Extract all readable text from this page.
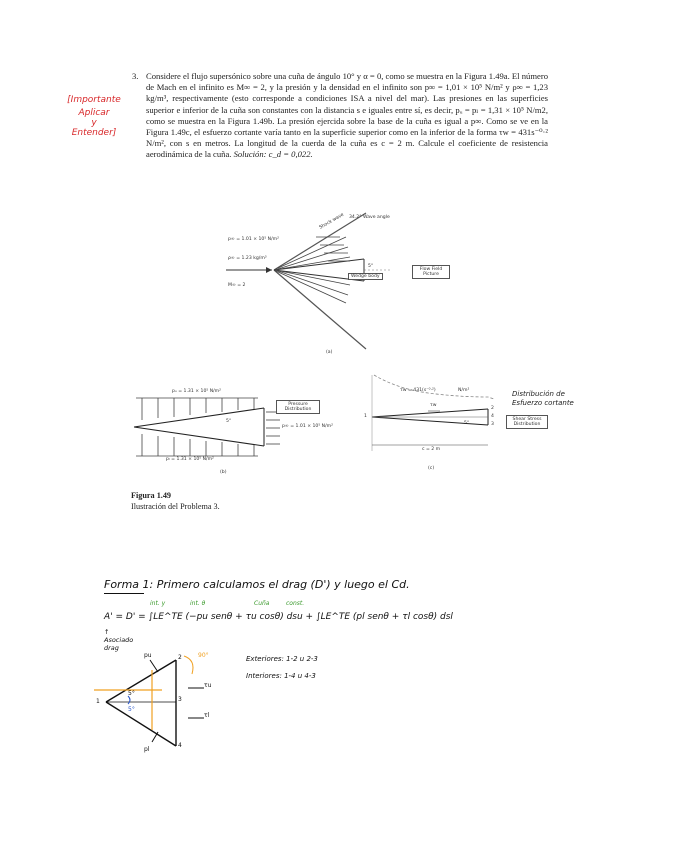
3. Considere el flujo supersónico sobre una cuña de ángulo 10° y α = 0, como se muestra en la Figura 1.49a. El número de Mach en el infinito es M∞ = 2, y la presión y la densidad en el infinito son p∞ = 1,01 × 10⁵ N/m² y ρ∞ = 1,23 kg/m³, respectivamente (esto corresponde a condiciones ISA a nivel del mar). Las presiones en las superficies superior e inferior de la cuña son constantes con la distancia s e iguales entre sí, es decir, pᵤ = pₗ = 1,31 × 10⁵ N/m2, como se muestra en la Figura 1.49b. La presión ejercida sobre la base de la cuña es igual a p∞. Como se ve en la Figura 1.49c, el esfuerzo cortante varía tanto en la superficie superior como en la inferior de la forma τw = 431s⁻⁰·² N/m², con s en metros. La longitud de la cuerda de la cuña es c = 2 m. Calcule el coeficiente de resistencia aerodinámica de la cuña. Solución: c_d = 0,022.
[Importante
Aplicar
y
Entender]
34.2° Wave angle
Shock wave
p∞ = 1.01 × 10⁵ N/m²
ρ∞ = 1.23 kg/m³
M∞ = 2
5°
Wedge body
Flow Field
Picture
(a)
pᵤ = 1.31 × 10⁵ N/m²
pₗ = 1.31 × 10⁵ N/m²
p∞ = 1.01 × 10⁵ N/m²
5°
Pressure
Distribution
(b)
τw = 431(s⁻⁰·²)	N/m²
τw
5°
c = 2 m
1
2
3
4
Shear Stress
Distribution
(c)
Distribución de
Esfuerzo cortante
Figura 1.49
Ilustración del Problema 3.
Forma 1: Primero calculamos el drag (D') y luego el Cd.
int. y	int. θ	Cuña	const.
A' = D' = ∫LE^TE (−pu senθ + τu cosθ) dsu + ∫LE^TE (pl senθ + τl cosθ) dsl
↑
Asociado
drag
5°
5°
90°
pu
pl
τu
τl
1
2
3
4
Exteriores: 1-2 u 2-3
Interiores: 1-4 u 4-3
